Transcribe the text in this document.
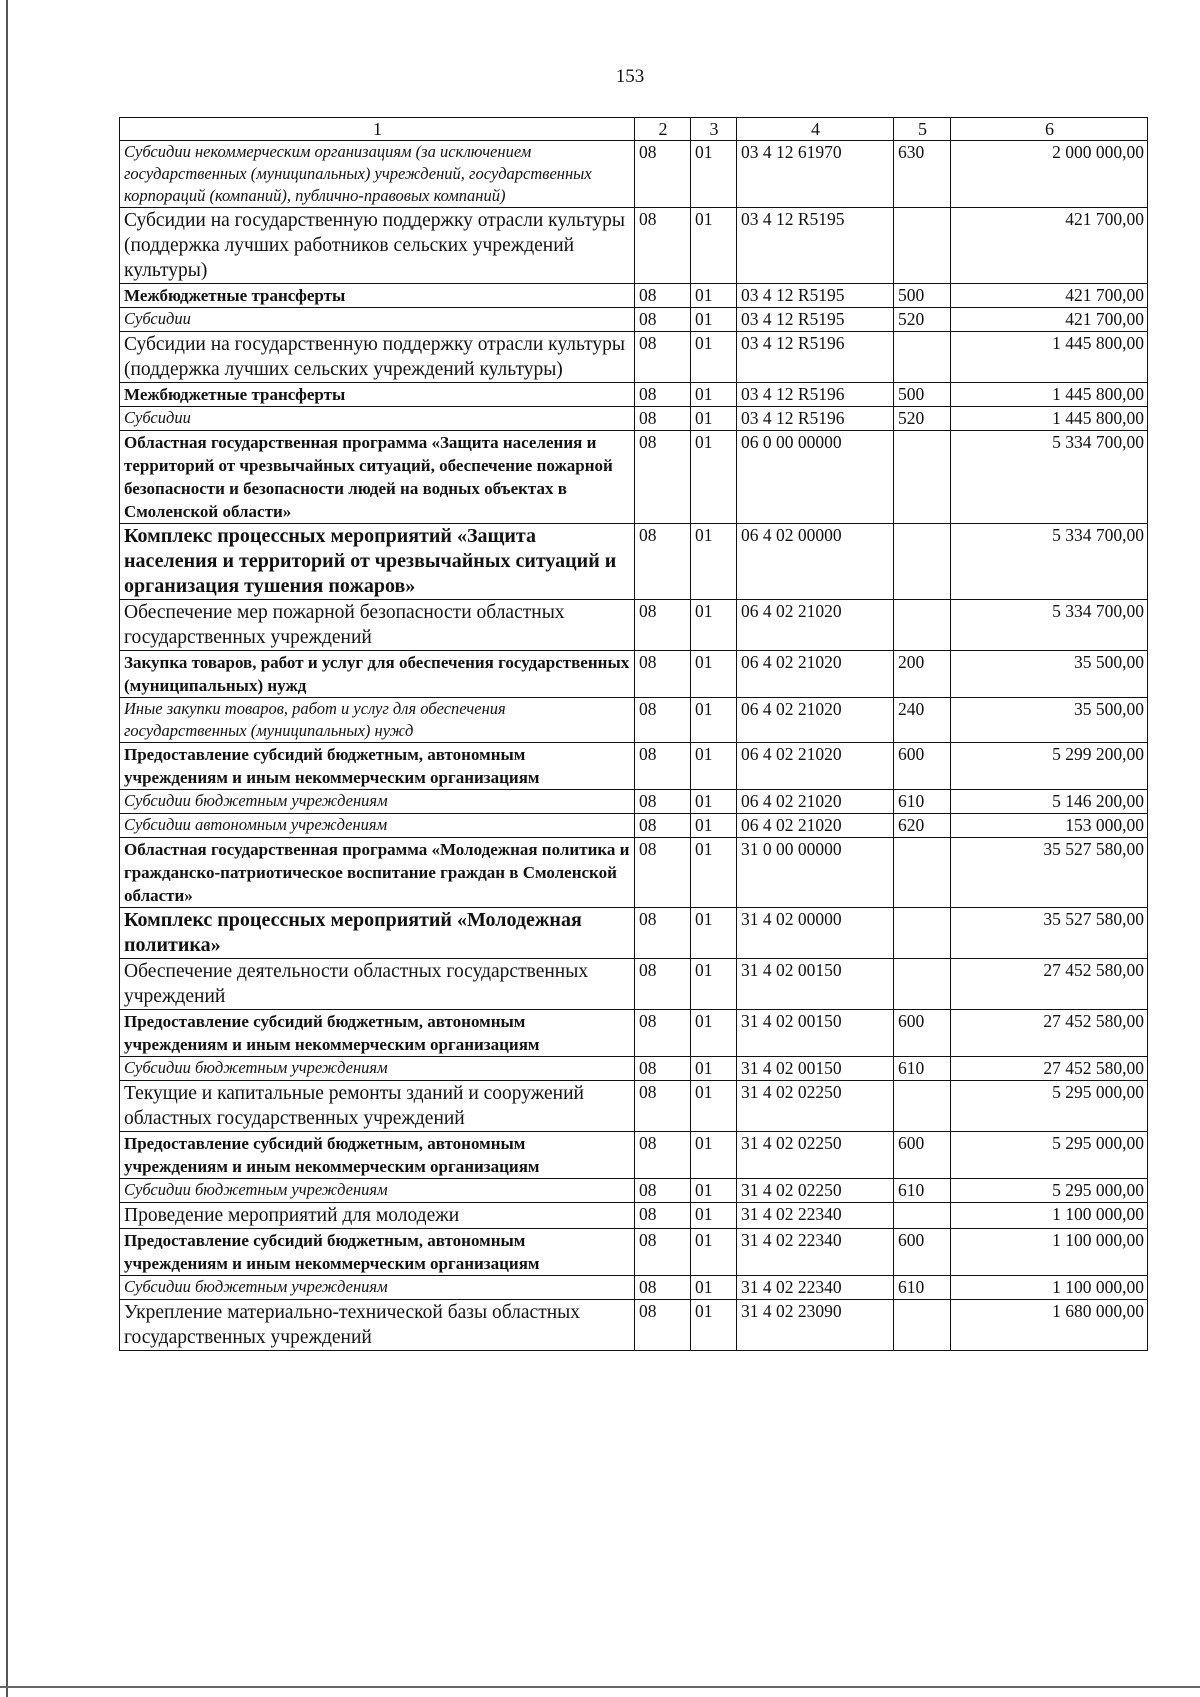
153
1	2	3	4	5	6
Субсидии некоммерческим организациям (за исключением государственных (муниципальных) учреждений, государственных корпораций (компаний), публично-правовых компаний)	08	01	03 4 12 61970	630	2 000 000,00
Субсидии на государственную поддержку отрасли культуры (поддержка лучших работников сельских учреждений культуры)	08	01	03 4 12 R5195		421 700,00
Межбюджетные трансферты	08	01	03 4 12 R5195	500	421 700,00
Субсидии	08	01	03 4 12 R5195	520	421 700,00
Субсидии на государственную поддержку отрасли культуры (поддержка лучших сельских учреждений культуры)	08	01	03 4 12 R5196		1 445 800,00
Межбюджетные трансферты	08	01	03 4 12 R5196	500	1 445 800,00
Субсидии	08	01	03 4 12 R5196	520	1 445 800,00
Областная государственная программа «Защита населения и территорий от чрезвычайных ситуаций, обеспечение пожарной безопасности и безопасности людей на водных объектах в Смоленской области»	08	01	06 0 00 00000		5 334 700,00
Комплекс процессных мероприятий «Защита населения и территорий от чрезвычайных ситуаций и организация тушения пожаров»	08	01	06 4 02 00000		5 334 700,00
Обеспечение мер пожарной безопасности областных государственных учреждений	08	01	06 4 02 21020		5 334 700,00
Закупка товаров, работ и услуг для обеспечения государственных (муниципальных) нужд	08	01	06 4 02 21020	200	35 500,00
Иные закупки товаров, работ и услуг для обеспечения государственных (муниципальных) нужд	08	01	06 4 02 21020	240	35 500,00
Предоставление субсидий бюджетным, автономным учреждениям и иным некоммерческим организациям	08	01	06 4 02 21020	600	5 299 200,00
Субсидии бюджетным учреждениям	08	01	06 4 02 21020	610	5 146 200,00
Субсидии автономным учреждениям	08	01	06 4 02 21020	620	153 000,00
Областная государственная программа «Молодежная политика и гражданско-патриотическое воспитание граждан в Смоленской области»	08	01	31 0 00 00000		35 527 580,00
Комплекс процессных мероприятий «Молодежная политика»	08	01	31 4 02 00000		35 527 580,00
Обеспечение деятельности областных государственных учреждений	08	01	31 4 02 00150		27 452 580,00
Предоставление субсидий бюджетным, автономным учреждениям и иным некоммерческим организациям	08	01	31 4 02 00150	600	27 452 580,00
Субсидии бюджетным учреждениям	08	01	31 4 02 00150	610	27 452 580,00
Текущие и капитальные ремонты зданий и сооружений областных государственных учреждений	08	01	31 4 02 02250		5 295 000,00
Предоставление субсидий бюджетным, автономным учреждениям и иным некоммерческим организациям	08	01	31 4 02 02250	600	5 295 000,00
Субсидии бюджетным учреждениям	08	01	31 4 02 02250	610	5 295 000,00
Проведение мероприятий для молодежи	08	01	31 4 02 22340		1 100 000,00
Предоставление субсидий бюджетным, автономным учреждениям и иным некоммерческим организациям	08	01	31 4 02 22340	600	1 100 000,00
Субсидии бюджетным учреждениям	08	01	31 4 02 22340	610	1 100 000,00
Укрепление материально-технической базы областных государственных учреждений	08	01	31 4 02 23090		1 680 000,00
